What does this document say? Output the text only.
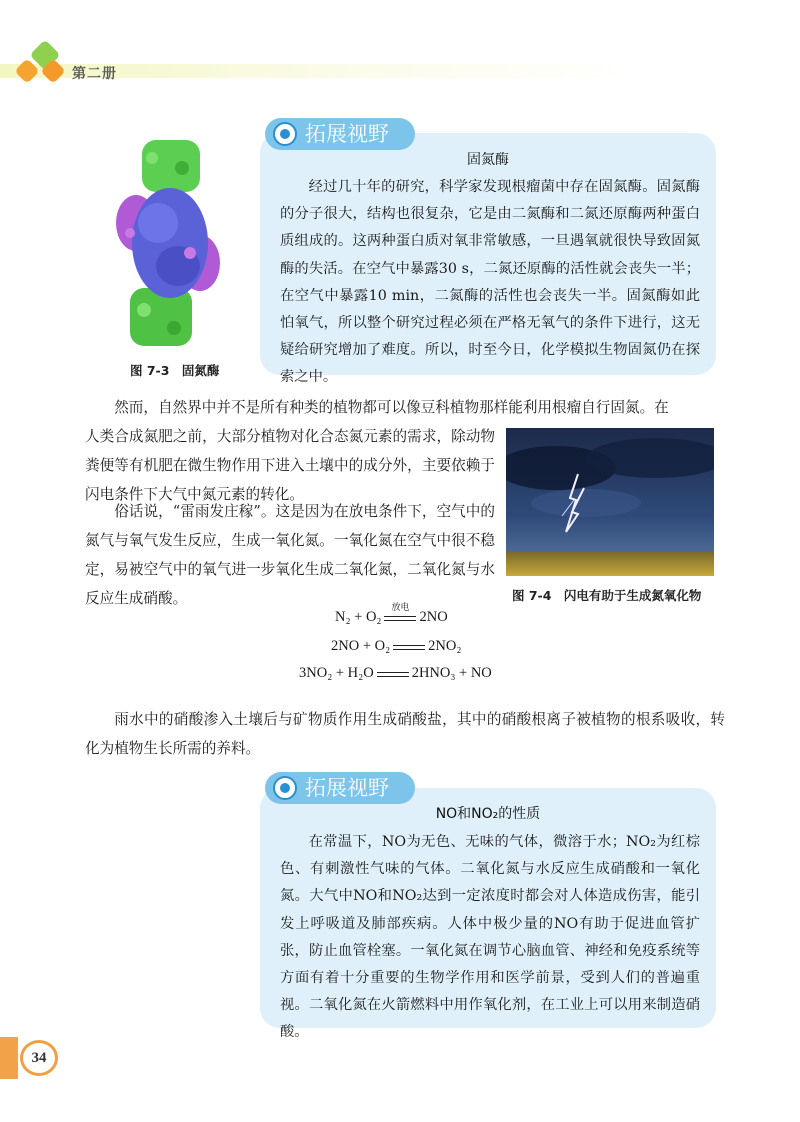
第二册
图 7-3　固氮酶
拓展视野
固氮酶
经过几十年的研究，科学家发现根瘤菌中存在固氮酶。固氮酶的分子很大，结构也很复杂，它是由二氮酶和二氮还原酶两种蛋白质组成的。这两种蛋白质对氧非常敏感，一旦遇氧就很快导致固氮酶的失活。在空气中暴露30 s，二氮还原酶的活性就会丧失一半；在空气中暴露10 min，二氮酶的活性也会丧失一半。固氮酶如此怕氧气，所以整个研究过程必须在严格无氧气的条件下进行，这无疑给研究增加了难度。所以，时至今日，化学模拟生物固氮仍在探索之中。
然而，自然界中并不是所有种类的植物都可以像豆科植物那样能利用根瘤自行固氮。在
人类合成氮肥之前，大部分植物对化合态氮元素的需求，除动物粪便等有机肥在微生物作用下进入土壤中的成分外，主要依赖于闪电条件下大气中氮元素的转化。
图 7-4　闪电有助于生成氮氧化物
俗话说，“雷雨发庄稼”。这是因为在放电条件下，空气中的氮气与氧气发生反应，生成一氧化氮。一氧化氮在空气中很不稳定，易被空气中的氧气进一步氧化生成二氧化氮，二氧化氮与水反应生成硝酸。
N₂ + O₂
放电
2NO
2NO + O₂	2NO₂
3NO₂ + H₂O	2HNO₃ + NO
雨水中的硝酸渗入土壤后与矿物质作用生成硝酸盐，其中的硝酸根离子被植物的根系吸收，转化为植物生长所需的养料。
拓展视野
NO和NO₂的性质
在常温下，NO为无色、无味的气体，微溶于水；NO₂为红棕色、有刺激性气味的气体。二氧化氮与水反应生成硝酸和一氧化氮。大气中NO和NO₂达到一定浓度时都会对人体造成伤害，能引发上呼吸道及肺部疾病。人体中极少量的NO有助于促进血管扩张，防止血管栓塞。一氧化氮在调节心脑血管、神经和免疫系统等方面有着十分重要的生物学作用和医学前景，受到人们的普遍重视。二氧化氮在火箭燃料中用作氧化剂，在工业上可以用来制造硝酸。
34
